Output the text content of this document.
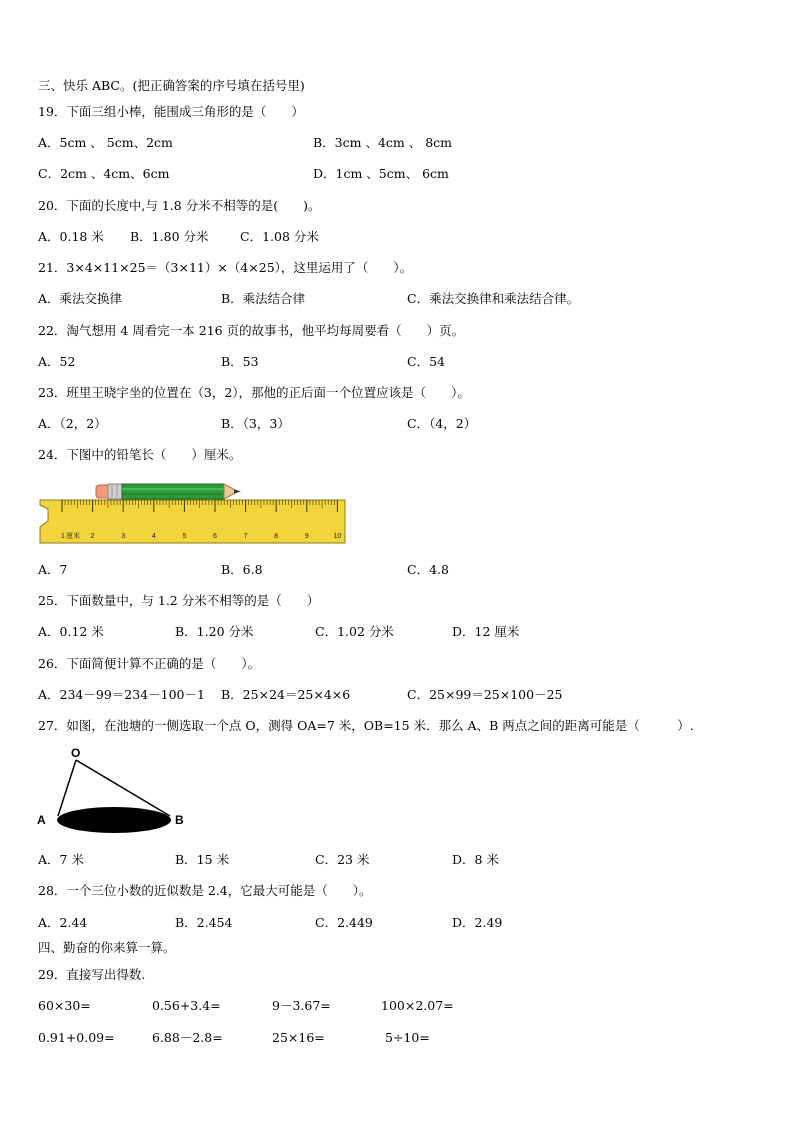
三、快乐 ABC。(把正确答案的序号填在括号里)
19．下面三组小棒，能围成三角形的是（　　）
A．5cm 、 5cm、2cm	B．3cm 、4cm 、 8cm
C．2cm 、4cm、6cm	D．1cm 、5cm、 6cm
20．下面的长度中,与 1.8 分米不相等的是(　　)。
A．0.18 米 B．1.80 分米	C．1.08 分米
21．3×4×11×25＝（3×11）×（4×25），这里运用了（　　）。
A．乘法交换律	B．乘法结合律	C．乘法交换律和乘法结合律。
22．淘气想用 4 周看完一本 216 页的故事书，他平均每周要看（　　）页。
A．52	B．53	C．54
23．班里王晓宇坐的位置在（3，2），那他的正后面一个位置应该是（　　）。
A．（2，2）	B．（3，3）	C．（4，2）
24．下图中的铅笔长（　　）厘米。
2	3	4	5	6	7	8	9	10
1 厘米
A．7	B．6.8	C．4.8
25．下面数量中，与 1.2 分米不相等的是（　　）
A．0.12 米	B．1.20 分米	C．1.02 分米	D．12 厘米
26．下面简便计算不正确的是（　　）。
A．234－99＝234－100－1 B．25×24＝25×4×6	C．25×99＝25×100－25
27．如图，在池塘的一侧选取一个点 O，测得 OA=7 米，OB=15 米．那么 A、B 两点之间的距离可能是（　　　）.
O
A	B
A．7 米	B．15 米	C．23 米	D．8 米
28．一个三位小数的近似数是 2.4，它最大可能是（　　）。
A．2.44	B．2.454	C．2.449	D．2.49
四、勤奋的你来算一算。
29．直接写出得数.
60×30=	0.56+3.4=	9－3.67=	100×2.07=
0.91+0.09=	6.88－2.8=	25×16=	5÷10=
